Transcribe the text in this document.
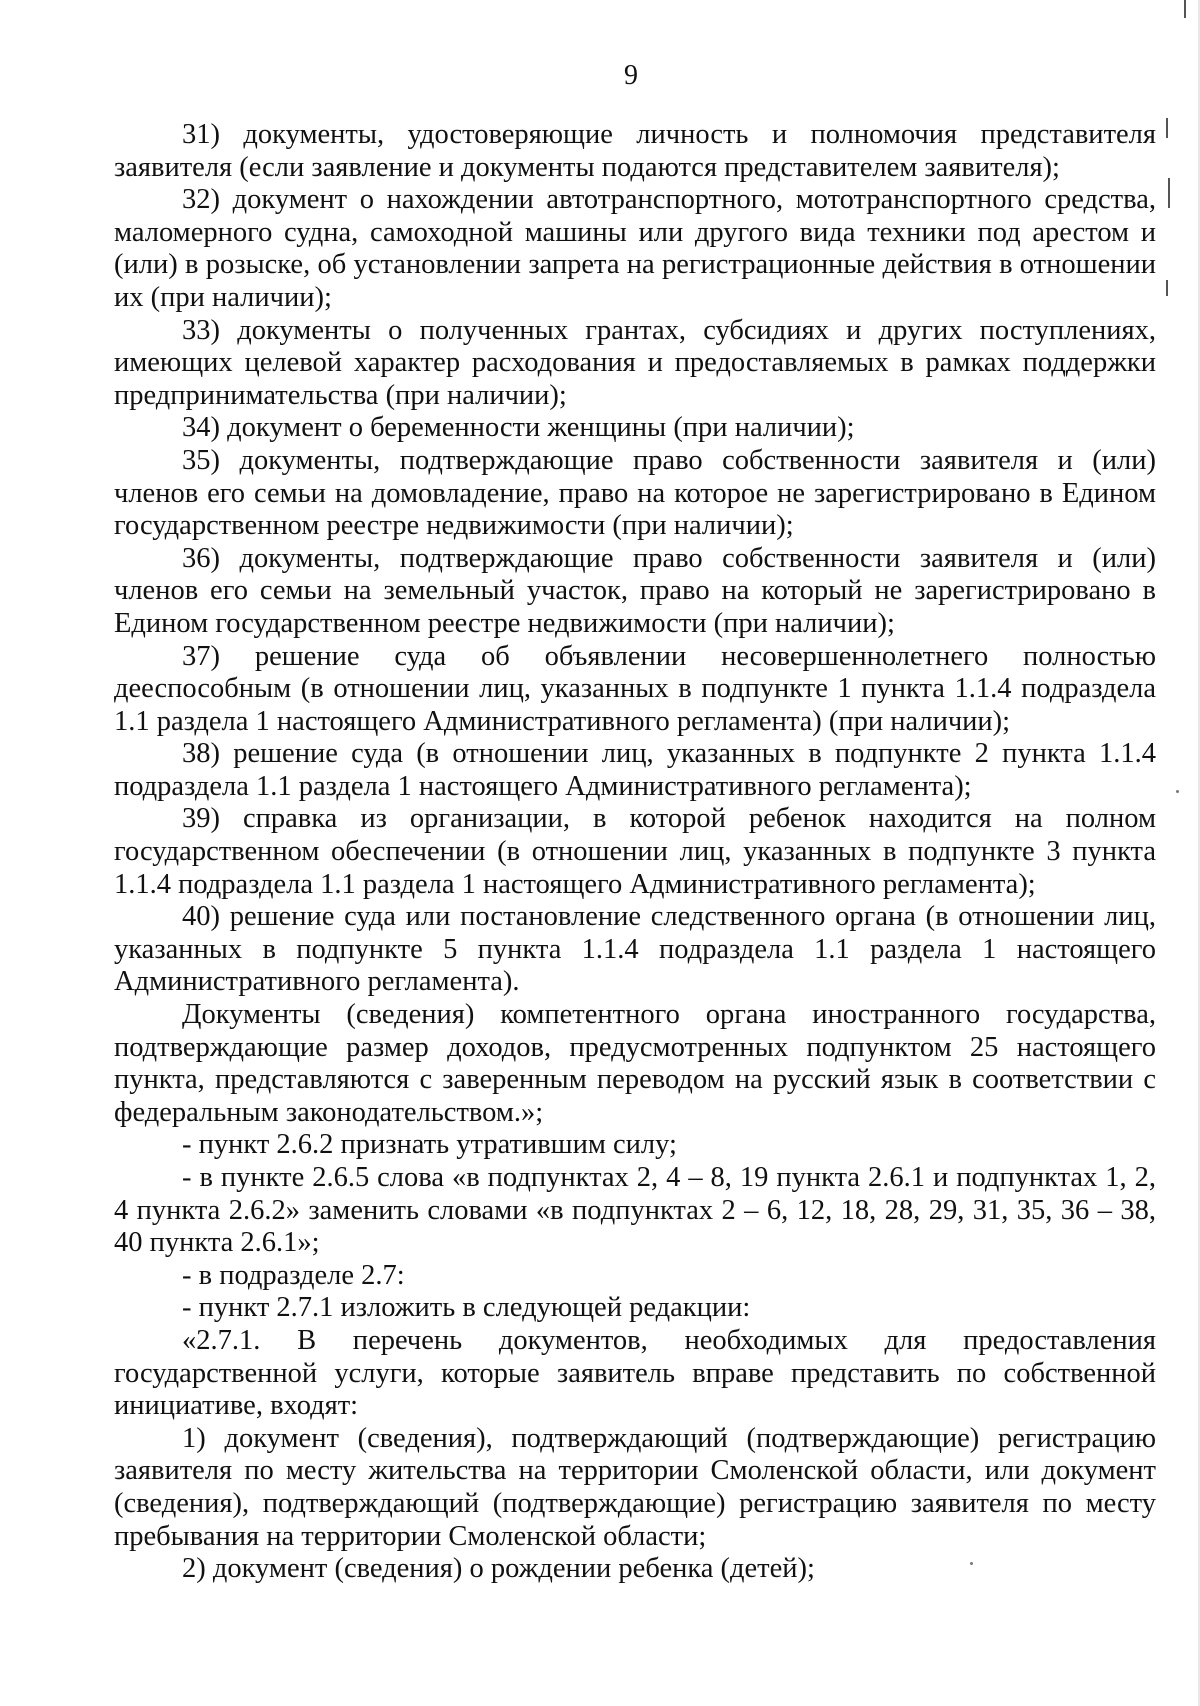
9

31) документы, удостоверяющие личность и полномочия представителя заявителя (если заявление и документы подаются представителем заявителя);

32) документ о нахождении автотранспортного, мототранспортного средства, маломерного судна, самоходной машины или другого вида техники под арестом и (или) в розыске, об установлении запрета на регистрационные действия в отношении их (при наличии);

33) документы о полученных грантах, субсидиях и других поступлениях, имеющих целевой характер расходования и предоставляемых в рамках поддержки предпринимательства (при наличии);

34) документ о беременности женщины (при наличии);

35) документы, подтверждающие право собственности заявителя и (или) членов его семьи на домовладение, право на которое не зарегистрировано в Едином государственном реестре недвижимости (при наличии);

36) документы, подтверждающие право собственности заявителя и (или) членов его семьи на земельный участок, право на который не зарегистрировано в Едином государственном реестре недвижимости (при наличии);

37) решение суда об объявлении несовершеннолетнего полностью дееспособным (в отношении лиц, указанных в подпункте 1 пункта 1.1.4 подраздела 1.1 раздела 1 настоящего Административного регламента) (при наличии);

38) решение суда (в отношении лиц, указанных в подпункте 2 пункта 1.1.4 подраздела 1.1 раздела 1 настоящего Административного регламента);

39) справка из организации, в которой ребенок находится на полном государственном обеспечении (в отношении лиц, указанных в подпункте 3 пункта 1.1.4 подраздела 1.1 раздела 1 настоящего Административного регламента);

40) решение суда или постановление следственного органа (в отношении лиц, указанных в подпункте 5 пункта 1.1.4 подраздела 1.1 раздела 1 настоящего Административного регламента).

Документы (сведения) компетентного органа иностранного государства, подтверждающие размер доходов, предусмотренных подпунктом 25 настоящего пункта, представляются с заверенным переводом на русский язык в соответствии с федеральным законодательством.»;

- пункт 2.6.2 признать утратившим силу;

- в пункте 2.6.5 слова «в подпунктах 2, 4 – 8, 19 пункта 2.6.1 и подпунктах 1, 2, 4 пункта 2.6.2» заменить словами «в подпунктах 2 – 6, 12, 18, 28, 29, 31, 35, 36 – 38, 40 пункта 2.6.1»;

- в подразделе 2.7:

- пункт 2.7.1 изложить в следующей редакции:

«2.7.1. В перечень документов, необходимых для предоставления государственной услуги, которые заявитель вправе представить по собственной инициативе, входят:

1) документ (сведения), подтверждающий (подтверждающие) регистрацию заявителя по месту жительства на территории Смоленской области, или документ (сведения), подтверждающий (подтверждающие) регистрацию заявителя по месту пребывания на территории Смоленской области;

2) документ (сведения) о рождении ребенка (детей);
